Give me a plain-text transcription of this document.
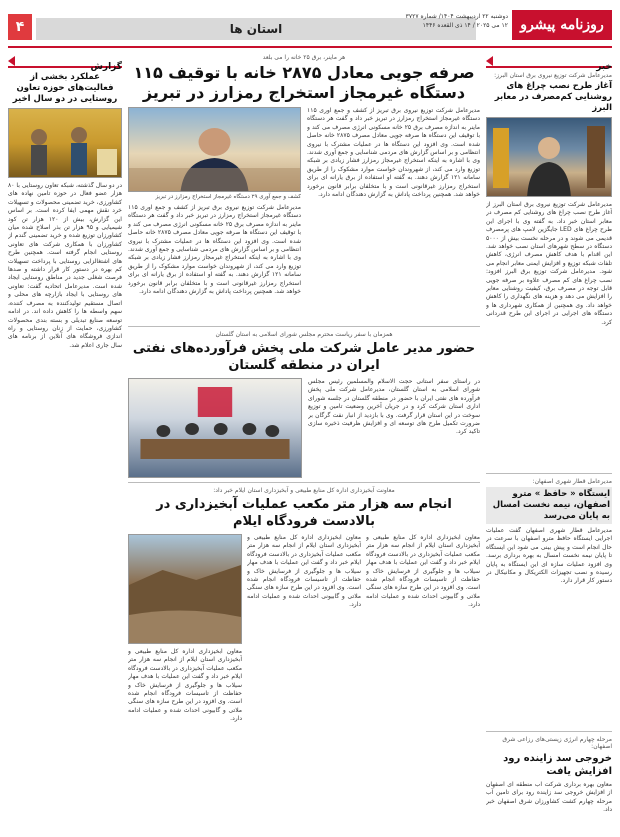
۴	استان ها
دوشنبه ۲۲ اردیبهشت ۱۴۰۴/ شماره ۳۷۲۷
۱۲ می ۲۰۲۵ / ۱۴ ذی القعده ۱۴۴۶ روزنامه پیشرو
خبر
مدیرعامل شرکت توزیع نیروی برق استان البرز:
آغاز طرح نصب چراغ های روشنایی کم‌مصرف در معابر البرز
مدیرعامل شرکت توزیع نیروی برق استان البرز از آغاز طرح نصب چراغ های روشنایی کم مصرف در معابر استان خبر داد. به گفته وی با اجرای این طرح چراغ های LED جایگزین لامپ های پرمصرف قدیمی می شوند و در مرحله نخست بیش از ۵۰۰۰ دستگاه در سطح شهرهای استان نصب خواهد شد. این اقدام با هدف کاهش مصرف انرژی، کاهش تلفات شبکه توزیع و افزایش ایمنی معابر انجام می شود. مدیرعامل شرکت توزیع برق البرز افزود: نصب چراغ های کم مصرف علاوه بر صرفه جویی قابل توجه در مصرف برق، کیفیت روشنایی معابر را افزایش می دهد و هزینه های نگهداری را کاهش خواهد داد. وی همچنین از همکاری شهرداری ها و دستگاه های اجرایی در اجرای این طرح قدردانی کرد.
مدیرعامل قطار شهری اصفهان:
ایستگاه « حافظ » مترو اصفهان، نیمه نخست امسال به پایان می‌رسد
مدیرعامل قطار شهری اصفهان گفت عملیات اجرایی ایستگاه حافظ مترو اصفهان با سرعت در حال انجام است و پیش بینی می شود این ایستگاه تا پایان نیمه نخست امسال به بهره برداری برسد. وی افزود عملیات سازه ای این ایستگاه به پایان رسیده و نصب تجهیزات الکتریکال و مکانیکال در دستور کار قرار دارد.
مرحله چهارم انرژی زیستی‌های رزاعی شرق اصفهان:
خروجی سد زاینده رود افزایش یافت
معاون بهره برداری شرکت آب منطقه ای اصفهان از افزایش خروجی سد زاینده رود برای تامین آب مرحله چهارم کشت کشاورزان شرق اصفهان خبر داد.
هر ماینر، برق ۲۵ خانه را می بلعد
صرفه جویی معادل ۲۸۷۵ خانه با توقیف ۱۱۵ دستگاه غیرمجاز استخراج رمزارز در تبریز
مدیرعامل شرکت توزیع نیروی برق تبریز از کشف و جمع آوری ۱۱۵ دستگاه غیرمجاز استخراج رمزارز در تبریز خبر داد و گفت هر دستگاه ماینر به اندازه مصرف برق ۲۵ خانه مسکونی انرژی مصرف می کند و با توقیف این دستگاه ها صرفه جویی معادل مصرف ۲۸۷۵ خانه حاصل شده است. وی افزود این دستگاه ها در عملیات مشترک با نیروی انتظامی و بر اساس گزارش های مردمی شناسایی و جمع آوری شدند. وی با اشاره به اینکه استخراج غیرمجاز رمزارز فشار زیادی بر شبکه توزیع وارد می کند، از شهروندان خواست موارد مشکوک را از طریق سامانه ۱۲۱ گزارش دهند. به گفته او استفاده از برق یارانه ای برای استخراج رمزارز غیرقانونی است و با متخلفان برابر قانون برخورد خواهد شد. همچنین پرداخت پاداش به گزارش دهندگان ادامه دارد.
کشف و جمع آوری ۲۹ دستگاه غیرمجاز استخراج رمزارز در تبریز
مدیرعامل شرکت توزیع نیروی برق تبریز از کشف و جمع آوری ۱۱۵ دستگاه غیرمجاز استخراج رمزارز در تبریز خبر داد و گفت هر دستگاه ماینر به اندازه مصرف برق ۲۵ خانه مسکونی انرژی مصرف می کند و با توقیف این دستگاه ها صرفه جویی معادل مصرف ۲۸۷۵ خانه حاصل شده است. وی افزود این دستگاه ها در عملیات مشترک با نیروی انتظامی و بر اساس گزارش های مردمی شناسایی و جمع آوری شدند. وی با اشاره به اینکه استخراج غیرمجاز رمزارز فشار زیادی بر شبکه توزیع وارد می کند، از شهروندان خواست موارد مشکوک را از طریق سامانه ۱۲۱ گزارش دهند. به گفته او استفاده از برق یارانه ای برای استخراج رمزارز غیرقانونی است و با متخلفان برابر قانون برخورد خواهد شد. همچنین پرداخت پاداش به گزارش دهندگان ادامه دارد.
همزمان با سفر ریاست محترم مجلس شورای اسلامی به استان گلستان
حضور مدیر عامل شرکت ملی پخش فرآورده‌های نفتی ایران در منطقه گلستان
در راستای سفر استانی حجت الاسلام والمسلمین رئیس مجلس شورای اسلامی به استان گلستان، مدیرعامل شرکت ملی پخش فرآورده های نفتی ایران با حضور در منطقه گلستان در جلسه شورای اداری استان شرکت کرد و در جریان آخرین وضعیت تامین و توزیع سوخت در این استان قرار گرفت. وی با بازدید از انبار نفت گرگان بر ضرورت تکمیل طرح های توسعه ای و افزایش ظرفیت ذخیره سازی تاکید کرد.
معاونت آبخیزداری اداره کل منابع طبیعی و آبخیزداری استان ایلام خبر داد:
انجام سه هزار متر مکعب عملیات آبخیزداری در بالادست فرودگاه ایلام
معاون آبخیزداری اداره کل منابع طبیعی و آبخیزداری استان ایلام از انجام سه هزار متر مکعب عملیات آبخیزداری در بالادست فرودگاه ایلام خبر داد و گفت این عملیات با هدف مهار سیلاب ها و جلوگیری از فرسایش خاک و حفاظت از تاسیسات فرودگاه انجام شده است. وی افزود در این طرح سازه های سنگی ملاتی و گابیونی احداث شده و عملیات ادامه دارد.
معاون آبخیزداری اداره کل منابع طبیعی و آبخیزداری استان ایلام از انجام سه هزار متر مکعب عملیات آبخیزداری در بالادست فرودگاه ایلام خبر داد و گفت این عملیات با هدف مهار سیلاب ها و جلوگیری از فرسایش خاک و حفاظت از تاسیسات فرودگاه انجام شده است. وی افزود در این طرح سازه های سنگی ملاتی و گابیونی احداث شده و عملیات ادامه دارد.
معاون آبخیزداری اداره کل منابع طبیعی و آبخیزداری استان ایلام از انجام سه هزار متر مکعب عملیات آبخیزداری در بالادست فرودگاه ایلام خبر داد و گفت این عملیات با هدف مهار سیلاب ها و جلوگیری از فرسایش خاک و حفاظت از تاسیسات فرودگاه انجام شده است. وی افزود در این طرح سازه های سنگی ملاتی و گابیونی احداث شده و عملیات ادامه دارد.
گزارش
عملکرد بخشی از فعالیت‌های حوزه تعاون روستایی در دو سال اخیر
در دو سال گذشته، شبکه تعاون روستایی با ۸۰ هزار عضو فعال در حوزه تامین نهاده های کشاورزی، خرید تضمینی محصولات و تسهیلات خرد نقش مهمی ایفا کرده است. بر اساس این گزارش، بیش از ۱۲۰ هزار تن کود شیمیایی و ۹۵ هزار تن بذر اصلاح شده میان کشاورزان توزیع شده و خرید تضمینی گندم از کشاورزان با همکاری شرکت های تعاونی روستایی انجام گرفته است. همچنین طرح های اشتغالزایی روستایی با پرداخت تسهیلات کم بهره در دستور کار قرار داشته و صدها فرصت شغلی جدید در مناطق روستایی ایجاد شده است. مدیرعامل اتحادیه گفت: تعاونی های روستایی با ایجاد بازارچه های محلی و اتصال مستقیم تولیدکننده به مصرف کننده، سهم واسطه ها را کاهش داده اند. در ادامه توسعه صنایع تبدیلی و بسته بندی محصولات کشاورزی، حمایت از زنان روستایی و راه اندازی فروشگاه های آنلاین از برنامه های سال جاری اعلام شد.
